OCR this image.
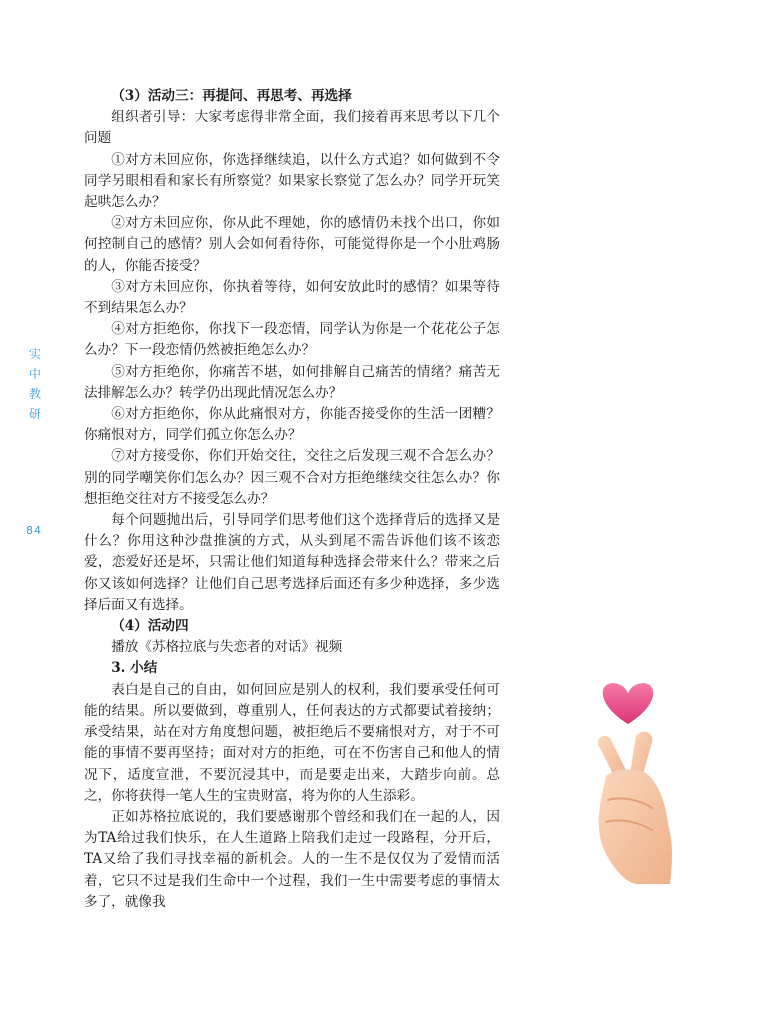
实
中
教
研
84

（3）活动三：再提问、再思考、再选择

组织者引导：大家考虑得非常全面，我们接着再来思考以下几个问题

①对方未回应你，你选择继续追，以什么方式追？如何做到不令同学另眼相看和家长有所察觉？如果家长察觉了怎么办？同学开玩笑起哄怎么办？

②对方未回应你，你从此不理她，你的感情仍未找个出口，你如何控制自己的感情？别人会如何看待你，可能觉得你是一个小肚鸡肠的人，你能否接受？

③对方未回应你，你执着等待，如何安放此时的感情？如果等待不到结果怎么办？

④对方拒绝你，你找下一段恋情，同学认为你是一个花花公子怎么办？下一段恋情仍然被拒绝怎么办？

⑤对方拒绝你，你痛苦不堪，如何排解自己痛苦的情绪？痛苦无法排解怎么办？转学仍出现此情况怎么办？

⑥对方拒绝你，你从此痛恨对方，你能否接受你的生活一团糟？你痛恨对方，同学们孤立你怎么办？

⑦对方接受你，你们开始交往，交往之后发现三观不合怎么办？别的同学嘲笑你们怎么办？因三观不合对方拒绝继续交往怎么办？你想拒绝交往对方不接受怎么办？

每个问题抛出后，引导同学们思考他们这个选择背后的选择又是什么？你用这种沙盘推演的方式，从头到尾不需告诉他们该不该恋爱，恋爱好还是坏，只需让他们知道每种选择会带来什么？带来之后你又该如何选择？让他们自己思考选择后面还有多少种选择，多少选择后面又有选择。

（4）活动四

播放《苏格拉底与失恋者的对话》视频

3. 小结

表白是自己的自由，如何回应是别人的权利，我们要承受任何可能的结果。所以要做到，尊重别人，任何表达的方式都要试着接纳；承受结果，站在对方角度想问题，被拒绝后不要痛恨对方，对于不可能的事情不要再坚持；面对对方的拒绝，可在不伤害自己和他人的情况下，适度宣泄，不要沉浸其中，而是要走出来，大踏步向前。总之，你将获得一笔人生的宝贵财富，将为你的人生添彩。

正如苏格拉底说的，我们要感谢那个曾经和我们在一起的人，因为TA给过我们快乐，在人生道路上陪我们走过一段路程，分开后，TA又给了我们寻找幸福的新机会。人的一生不是仅仅为了爱情而活着，它只不过是我们生命中一个过程，我们一生中需要考虑的事情太多了，就像我
